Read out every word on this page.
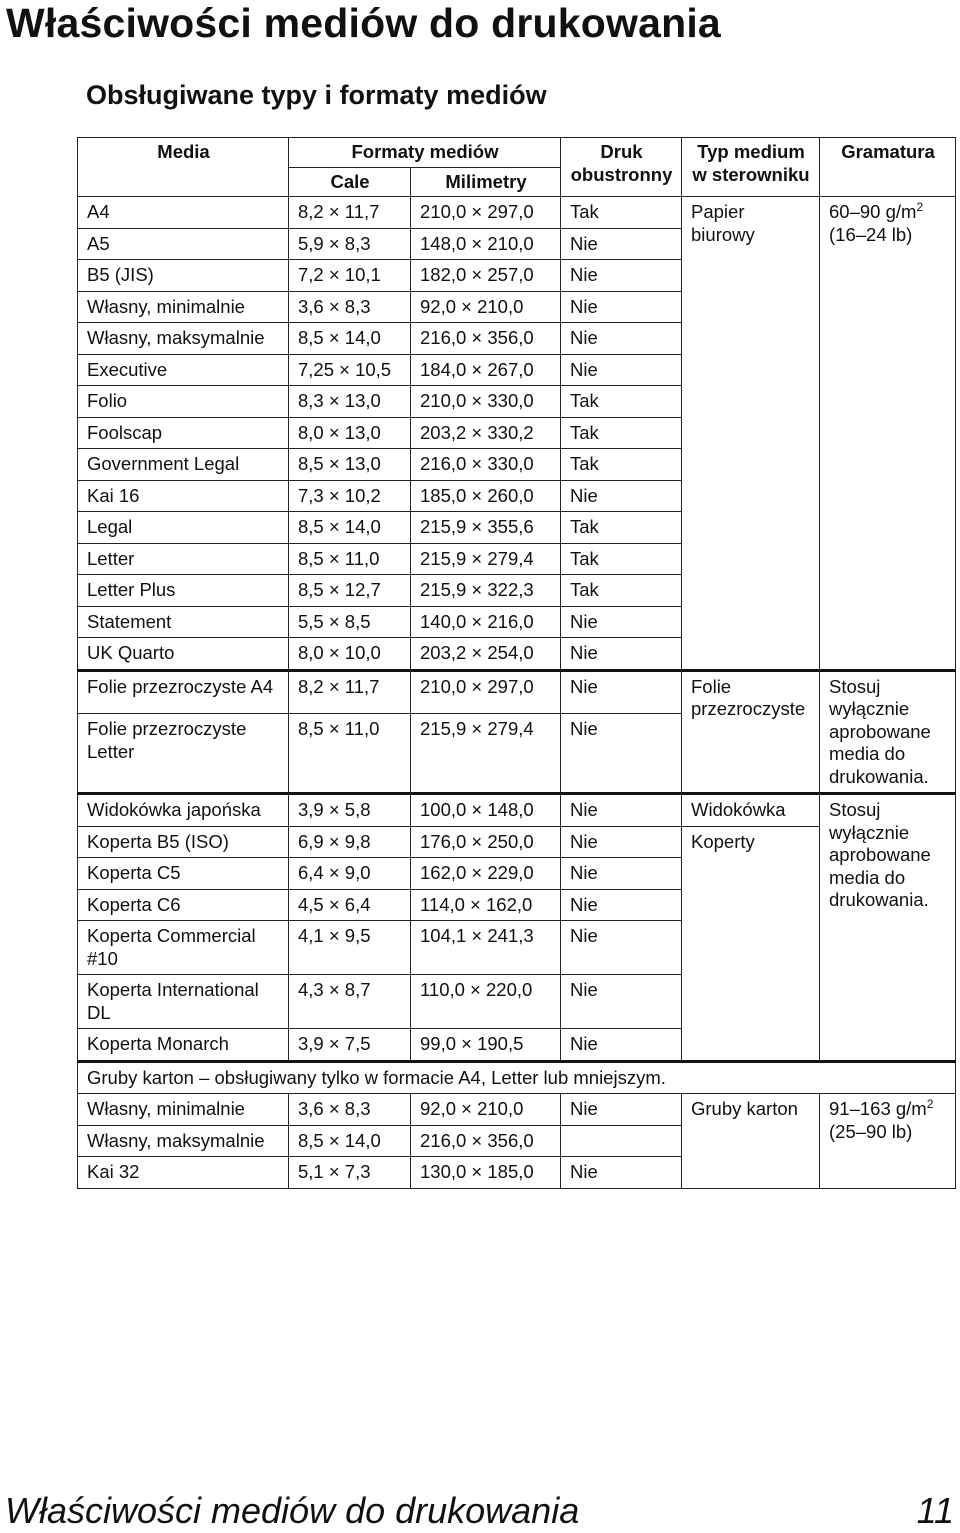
Właściwości mediów do drukowania
Obsługiwane typy i formaty mediów
Media	Formaty mediów		Druk obustronny	Typ medium w sterowniku	Gramatura
	Cale	Milimetry			
A4	8,2 × 11,7	210,0 × 297,0	Tak	Papier biurowy	60–90 $g/m^2$
(16–24 lb)
A5	5,9 × 8,3	148,0 × 210,0	Nie		
B5 (JIS)	7,2 × 10,1	182,0 × 257,0	Nie		
Własny, minimalnie	3,6 × 8,3	92,0 × 210,0	Nie		
Własny, maksymalnie	8,5 × 14,0	216,0 × 356,0	Nie		
Executive	7,25 × 10,5	184,0 × 267,0	Nie		
Folio	8,3 × 13,0	210,0 × 330,0	Tak		
Foolscap	8,0 × 13,0	203,2 × 330,2	Tak		
Government Legal	8,5 × 13,0	216,0 × 330,0	Tak		
Kai 16	7,3 × 10,2	185,0 × 260,0	Nie		
Legal	8,5 × 14,0	215,9 × 355,6	Tak		
Letter	8,5 × 11,0	215,9 × 279,4	Tak		
Letter Plus	8,5 × 12,7	215,9 × 322,3	Tak		
Statement	5,5 × 8,5	140,0 × 216,0	Nie		
UK Quarto	8,0 × 10,0	203,2 × 254,0	Nie		
Folie przezroczyste A4	8,2 × 11,7	210,0 × 297,0	Nie	Folie przezroczyste	Stosuj wyłącznie aprobowane media do drukowania.
Folie przezroczyste Letter	8,5 × 11,0	215,9 × 279,4	Nie		
Widokówka japońska	3,9 × 5,8	100,0 × 148,0	Nie	Widokówka	Stosuj wyłącznie aprobowane media do drukowania.
Koperta B5 (ISO)	6,9 × 9,8	176,0 × 250,0	Nie	Koperty	
Koperta C5	6,4 × 9,0	162,0 × 229,0	Nie		
Koperta C6	4,5 × 6,4	114,0 × 162,0	Nie		
Koperta Commercial #10	4,1 × 9,5	104,1 × 241,3	Nie		
Koperta International DL	4,3 × 8,7	110,0 × 220,0	Nie		
Koperta Monarch	3,9 × 7,5	99,0 × 190,5	Nie		
Gruby karton – obsługiwany tylko w formacie A4, Letter lub mniejszym.					
Własny, minimalnie	3,6 × 8,3	92,0 × 210,0	Nie	Gruby karton	91–163 $g/m^2$
(25–90 lb)
Własny, maksymalnie	8,5 × 14,0	216,0 × 356,0			
Kai 32	5,1 × 7,3	130,0 × 185,0	Nie		
Właściwości mediów do drukowania	11
